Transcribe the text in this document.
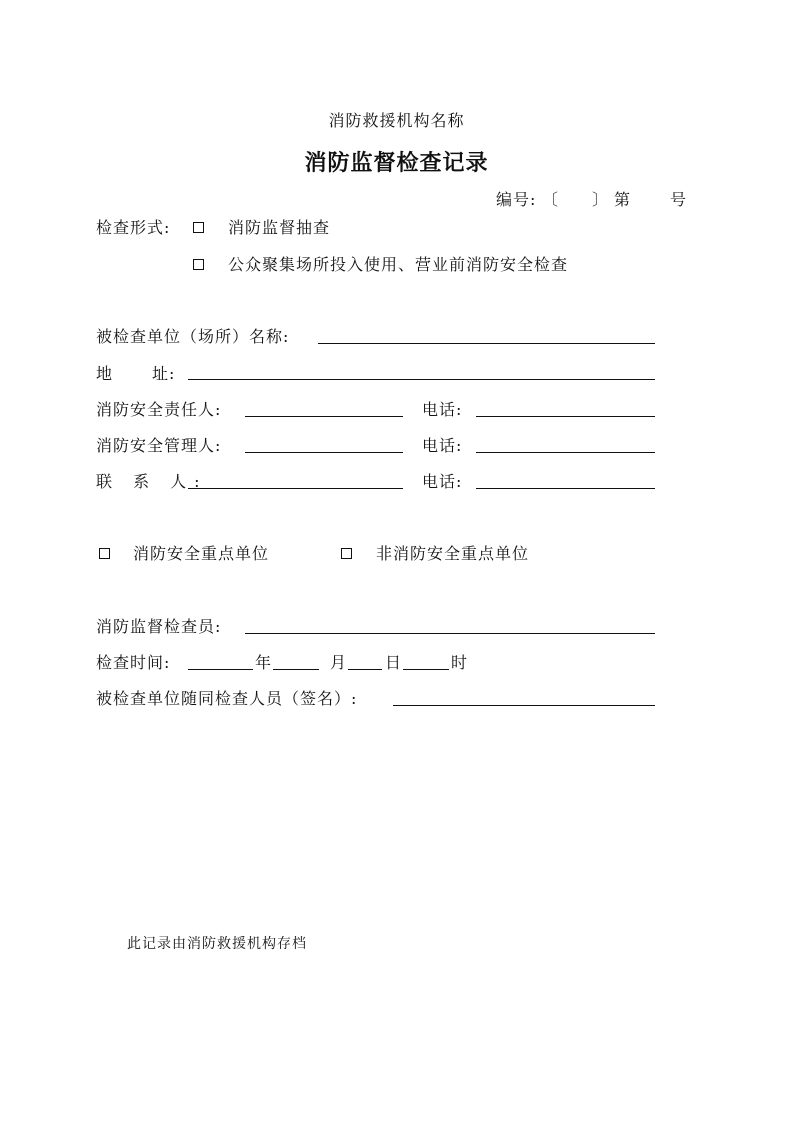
消防救援机构名称
消防监督检查记录
编号: 〔 〕 第 号
检查形式:	消防监督抽查
公众聚集场所投入使用、营业前消防安全检查
被检查单位（场所）名称:
地 址:
消防安全责任人:	电话:
消防安全管理人:	电话:
联 系 人:	电话:
消防安全重点单位	非消防安全重点单位
消防监督检查员:
检查时间:	年	月 日	时
被检查单位随同检查人员（签名）:
此记录由消防救援机构存档
